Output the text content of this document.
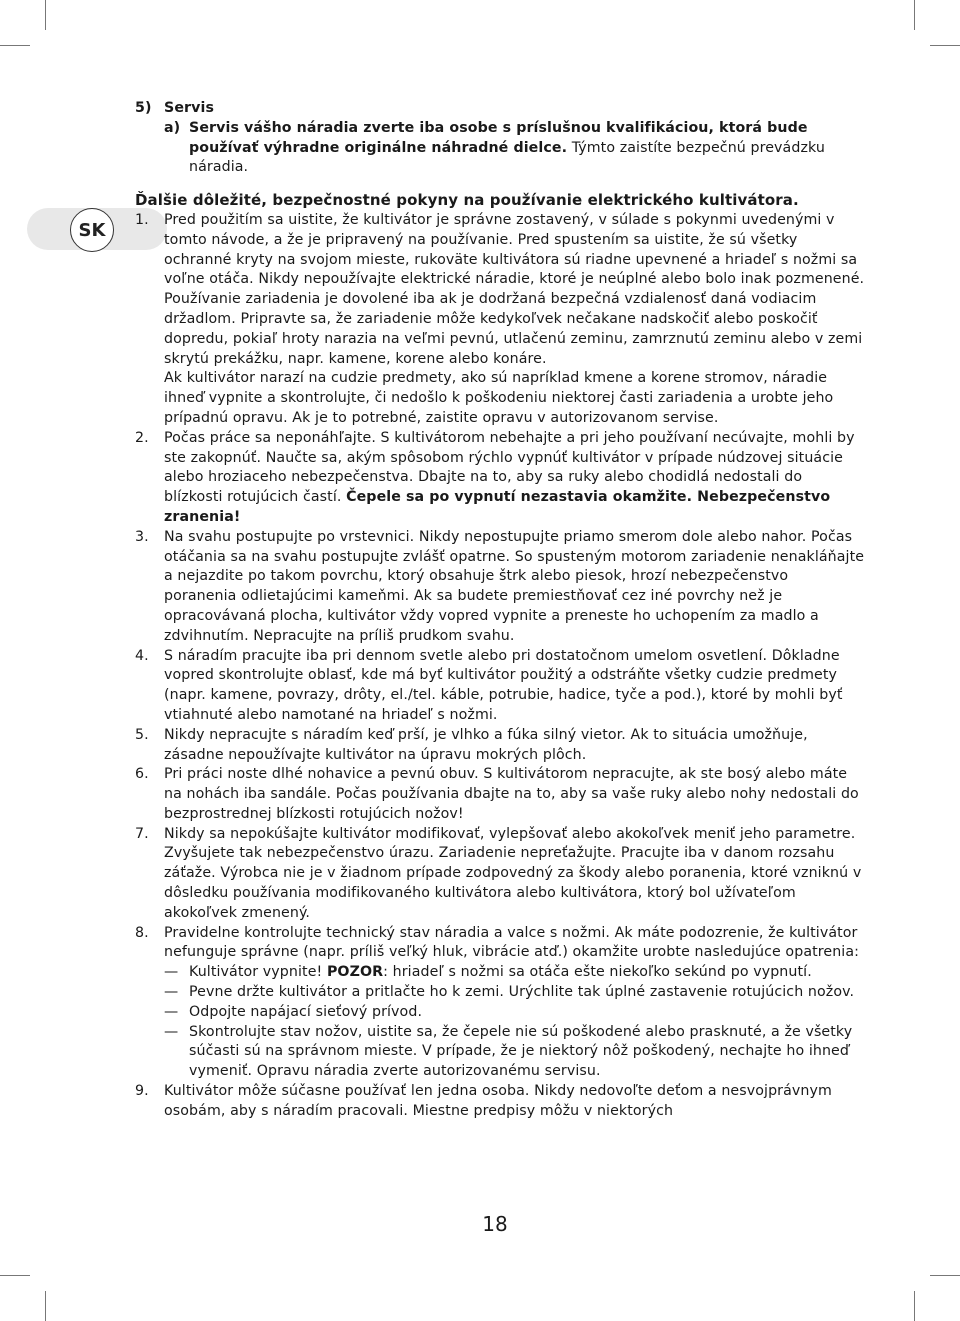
SK
5) Servis
a) Servis vášho náradia zverte iba osobe s príslušnou kvalifikáciou, ktorá bude používať výhradne originálne náhradné dielce. Týmto zaistíte bezpečnú prevádzku náradia.
Ďalšie dôležité, bezpečnostné pokyny na používanie elektrického kultivátora.
1.	Pred použitím sa uistite, že kultivátor je správne zostavený, v súlade s pokynmi uvedenými v tomto návode, a že je pripravený na používanie. Pred spustením sa uistite, že sú všetky ochranné kryty na svojom mieste, rukoväte kultivátora sú riadne upevnené a hriadeľ s nožmi sa voľne otáča. Nikdy nepoužívajte elektrické náradie, ktoré je neúplné alebo bolo inak pozmenené. Používanie zariadenia je dovolené iba ak je dodržaná bezpečná vzdialenosť daná vodiacim držadlom. Pripravte sa, že zariadenie môže kedykoľvek nečakane nadskočiť alebo poskočiť dopredu, pokiaľ hroty narazia na veľmi pevnú, utlačenú zeminu, zamrznutú zeminu alebo v zemi skrytú prekážku, napr. kamene, korene alebo konáre.
Ak kultivátor narazí na cudzie predmety, ako sú napríklad kmene a korene stromov, náradie ihneď vypnite a skontrolujte, či nedošlo k poškodeniu niektorej časti zariadenia a urobte jeho prípadnú opravu. Ak je to potrebné, zaistite opravu v autorizovanom servise.
2.	Počas práce sa neponáhľajte. S kultivátorom nebehajte a pri jeho používaní necúvajte, mohli by ste zakopnúť. Naučte sa, akým spôsobom rýchlo vypnúť kultivátor v prípade núdzovej situácie alebo hroziaceho nebezpečenstva. Dbajte na to, aby sa ruky alebo chodidlá nedostali do blízkosti rotujúcich častí. Čepele sa po vypnutí nezastavia okamžite. Nebezpečenstvo zranenia!
3.	Na svahu postupujte po vrstevnici. Nikdy nepostupujte priamo smerom dole alebo nahor. Počas otáčania sa na svahu postupujte zvlášť opatrne. So spusteným motorom zariadenie nenakláňajte a nejazdite po takom povrchu, ktorý obsahuje štrk alebo piesok, hrozí nebezpečenstvo poranenia odlietajúcimi kameňmi. Ak sa budete premiestňovať cez iné povrchy než je opracovávaná plocha, kultivátor vždy vopred vypnite a preneste ho uchopením za madlo a zdvihnutím. Nepracujte na príliš prudkom svahu.
4.	S náradím pracujte iba pri dennom svetle alebo pri dostatočnom umelom osvetlení. Dôkladne vopred skontrolujte oblasť, kde má byť kultivátor použitý a odstráňte všetky cudzie predmety (napr. kamene, povrazy, drôty, el./tel. káble, potrubie, hadice, tyče a pod.), ktoré by mohli byť vtiahnuté alebo namotané na hriadeľ s nožmi.
5.	Nikdy nepracujte s náradím keď prší, je vlhko a fúka silný vietor. Ak to situácia umožňuje, zásadne nepoužívajte kultivátor na úpravu mokrých plôch.
6.	Pri práci noste dlhé nohavice a pevnú obuv. S kultivátorom nepracujte, ak ste bosý alebo máte na nohách iba sandále. Počas používania dbajte na to, aby sa vaše ruky alebo nohy nedostali do bezprostrednej blízkosti rotujúcich nožov!
7.	Nikdy sa nepokúšajte kultivátor modifikovať, vylepšovať alebo akokoľvek meniť jeho parametre. Zvyšujete tak nebezpečenstvo úrazu. Zariadenie nepreťažujte. Pracujte iba v danom rozsahu záťaže. Výrobca nie je v žiadnom prípade zodpovedný za škody alebo poranenia, ktoré vzniknú v dôsledku používania modifikovaného kultivátora alebo kultivátora, ktorý bol užívateľom akokoľvek zmenený.
8.	Pravidelne kontrolujte technický stav náradia a valce s nožmi. Ak máte podozrenie, že kultivátor nefunguje správne (napr. príliš veľký hluk, vibrácie atď.) okamžite urobte nasledujúce opatrenia:
— Kultivátor vypnite! POZOR: hriadeľ s nožmi sa otáča ešte niekoľko sekúnd po vypnutí.
— Pevne držte kultivátor a pritlačte ho k zemi. Urýchlite tak úplné zastavenie rotujúcich nožov.
— Odpojte napájací sieťový prívod.
— Skontrolujte stav nožov, uistite sa, že čepele nie sú poškodené alebo prasknuté, a že všetky súčasti sú na správnom mieste. V prípade, že je niektorý nôž poškodený, nechajte ho ihneď vymeniť. Opravu náradia zverte autorizovanému servisu.
9.	Kultivátor môže súčasne používať len jedna osoba. Nikdy nedovoľte deťom a nesvojprávnym osobám, aby s náradím pracovali. Miestne predpisy môžu v niektorých
18
